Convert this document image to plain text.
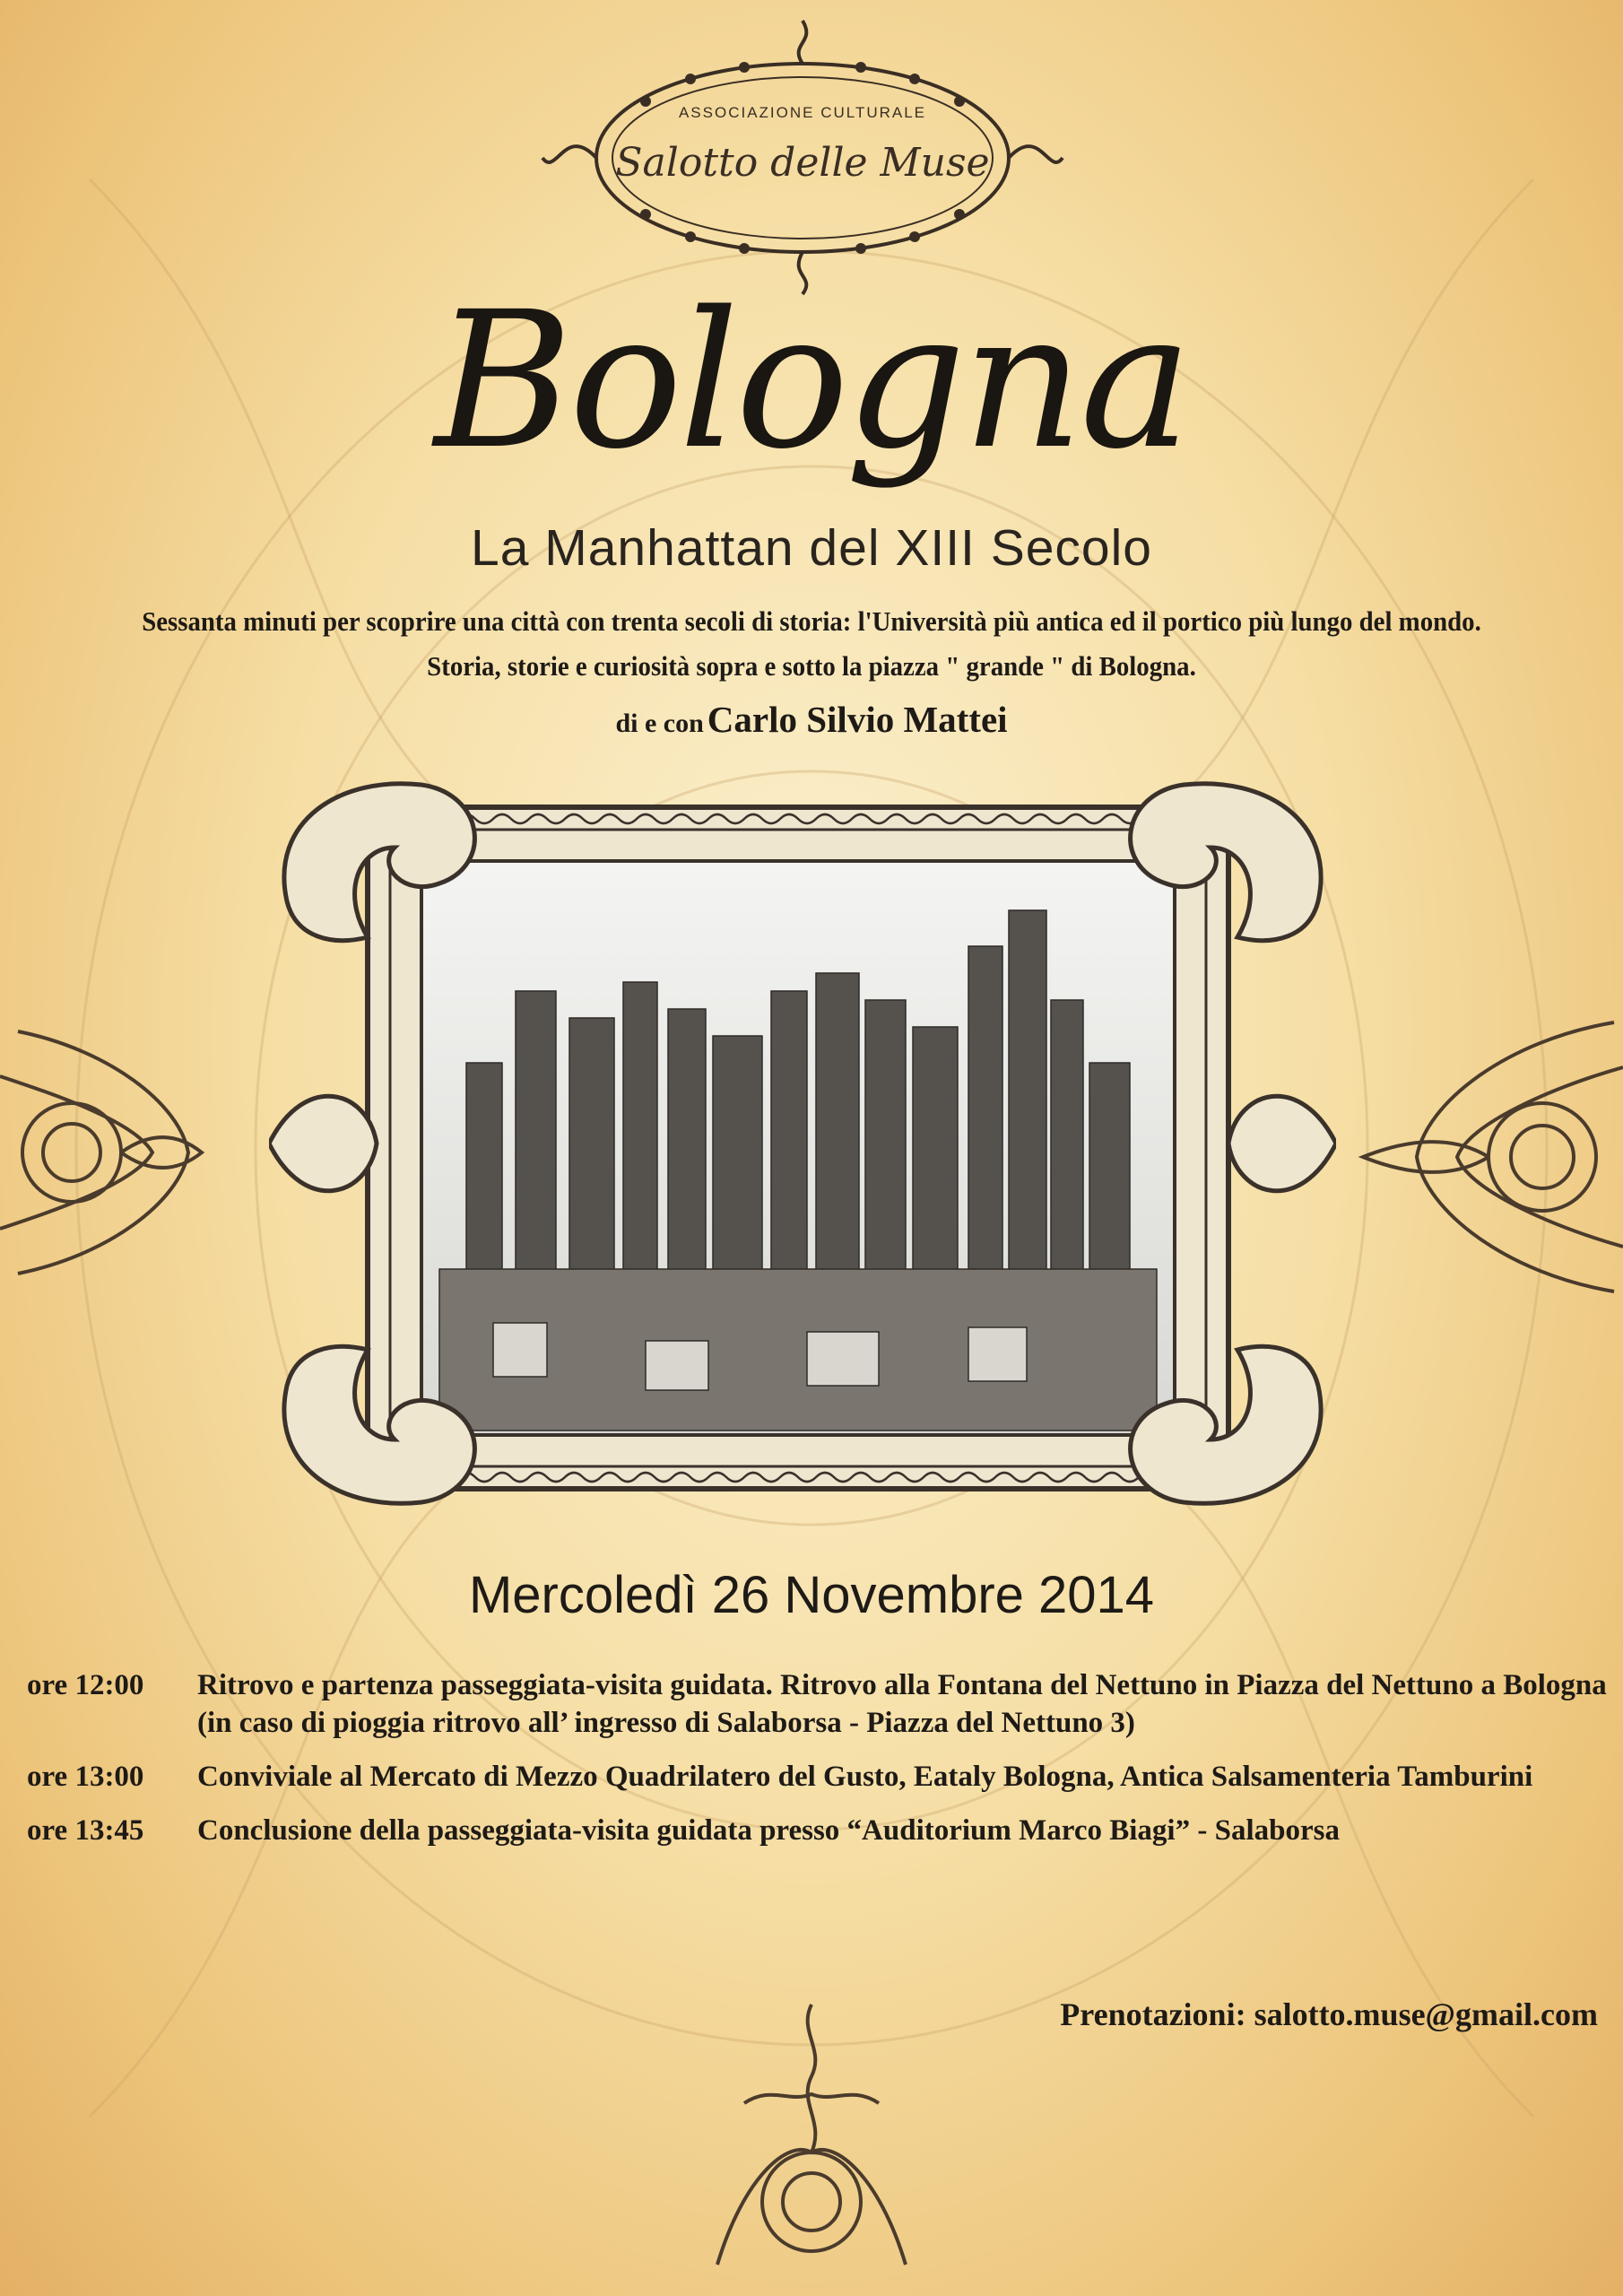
ASSOCIAZIONE CULTURALE
Salotto delle Muse
Bologna
La Manhattan del XIII Secolo
Sessanta minuti per scoprire una città con trenta secoli di storia: l'Università più antica ed il portico più lungo del mondo.
Storia, storie e curiosità sopra e sotto la piazza " grande " di Bologna.
di e con Carlo Silvio Mattei
Mercoledì 26 Novembre 2014
ore 12:00	Ritrovo e partenza passeggiata-visita guidata. Ritrovo alla Fontana del Nettuno in Piazza del Nettuno a Bologna (in caso di pioggia ritrovo all’ ingresso di Salaborsa - Piazza del Nettuno 3)
ore 13:00	Conviviale al Mercato di Mezzo Quadrilatero del Gusto, Eataly Bologna, Antica Salsamenteria Tamburini
ore 13:45	Conclusione della passeggiata-visita guidata presso “Auditorium Marco Biagi” - Salaborsa
Prenotazioni: salotto.muse@gmail.com
